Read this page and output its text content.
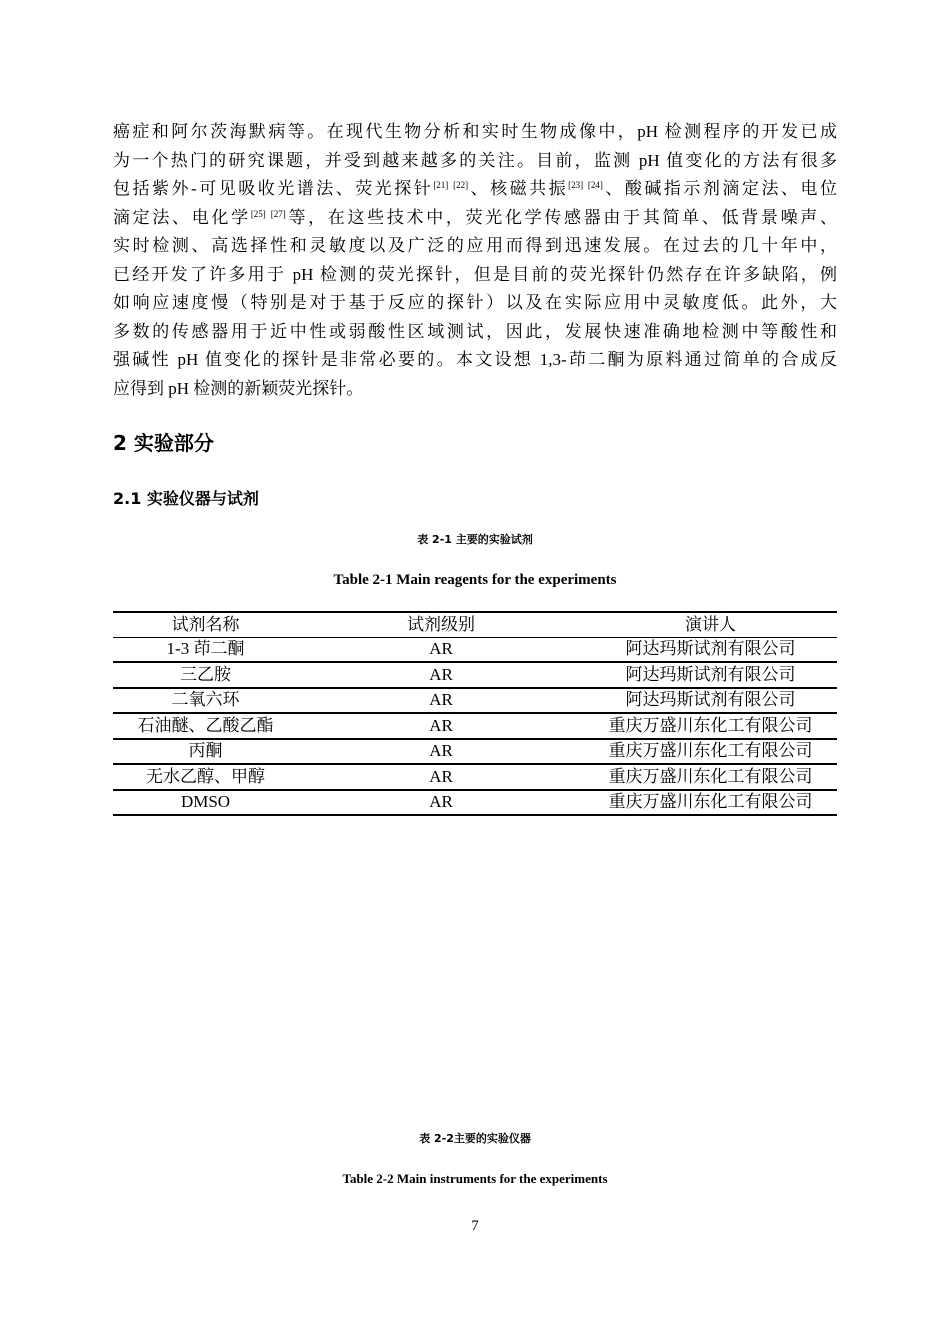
癌症和阿尔茨海默病等。在现代生物分析和实时生物成像中，pH 检测程序的开发已成
为一个热门的研究课题，并受到越来越多的关注。目前，监测 pH 值变化的方法有很多
包括紫外-可见吸收光谱法、荧光探针[21] [22]、核磁共振[23] [24]、酸碱指示剂滴定法、电位
滴定法、电化学[25] [27]等，在这些技术中，荧光化学传感器由于其简单、低背景噪声、
实时检测、高选择性和灵敏度以及广泛的应用而得到迅速发展。在过去的几十年中，
已经开发了许多用于 pH 检测的荧光探针，但是目前的荧光探针仍然存在许多缺陷，例
如响应速度慢（特别是对于基于反应的探针）以及在实际应用中灵敏度低。此外，大
多数的传感器用于近中性或弱酸性区域测试，因此，发展快速准确地检测中等酸性和
强碱性 pH 值变化的探针是非常必要的。本文设想 1,3-茚二酮为原料通过简单的合成反
应得到 pH 检测的新颖荧光探针。
2 实验部分
2.1 实验仪器与试剂
表 2-1 主要的实验试剂
Table 2-1 Main reagents for the experiments
试剂名称	试剂级别	演讲人
1-3 茚二酮	AR	阿达玛斯试剂有限公司
三乙胺	AR	阿达玛斯试剂有限公司
二氧六环	AR	阿达玛斯试剂有限公司
石油醚、乙酸乙酯	AR	重庆万盛川东化工有限公司
丙酮	AR	重庆万盛川东化工有限公司
无水乙醇、甲醇	AR	重庆万盛川东化工有限公司
DMSO	AR	重庆万盛川东化工有限公司
表 2-2主要的实验仪器
Table 2-2 Main instruments for the experiments
7
